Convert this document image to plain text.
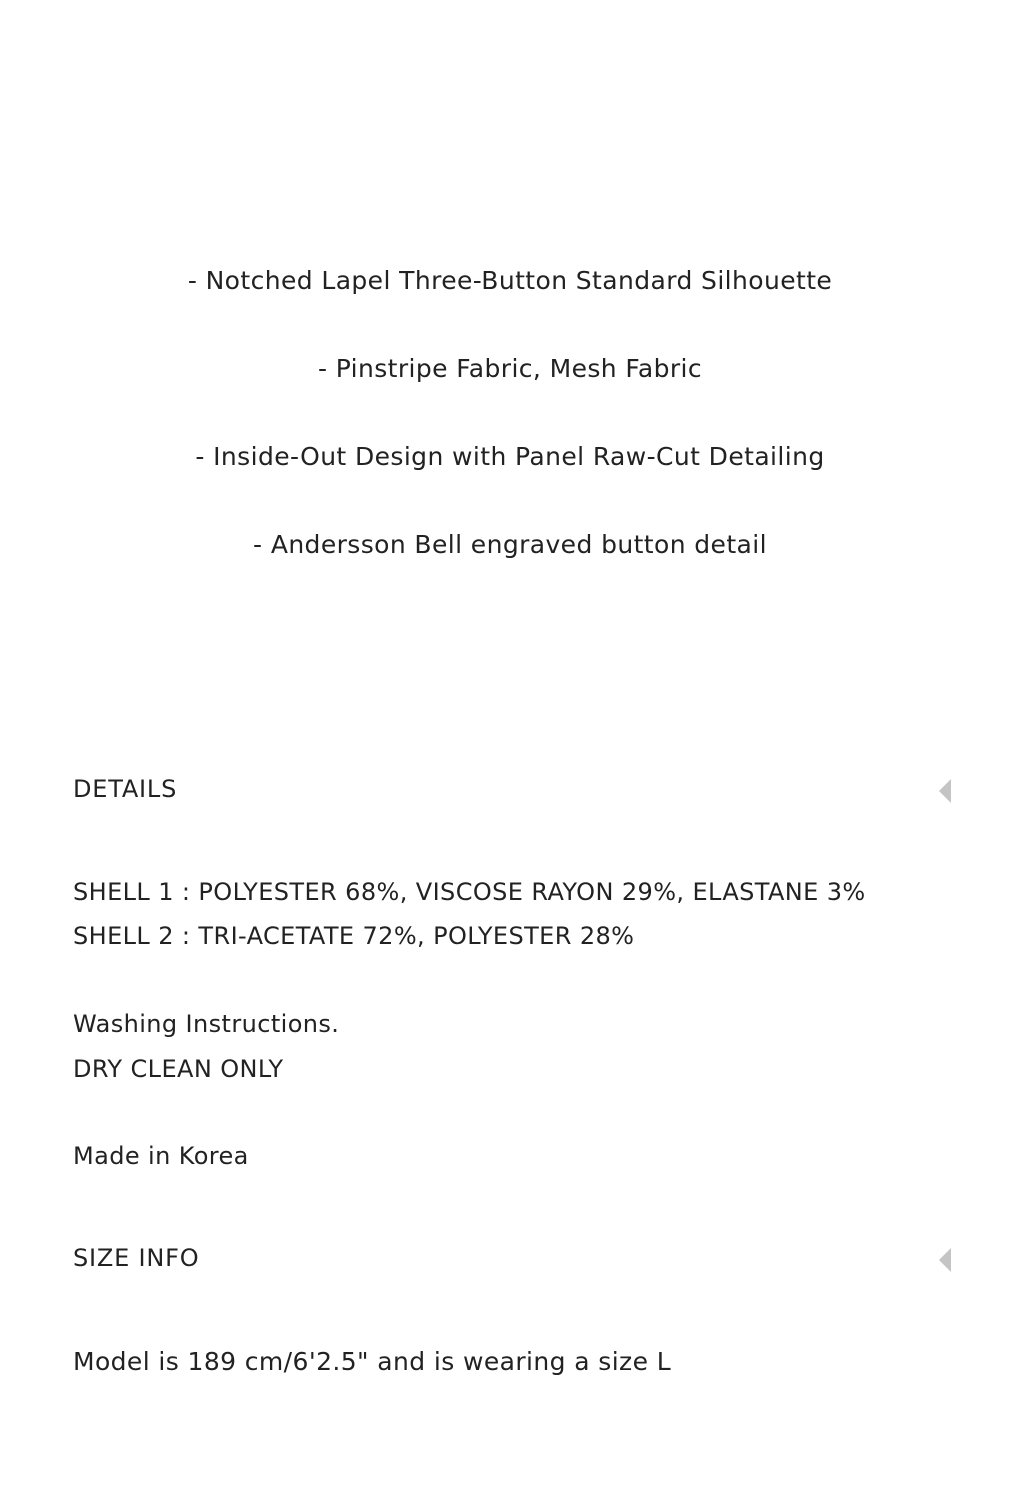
- Notched Lapel Three-Button Standard Silhouette
- Pinstripe Fabric, Mesh Fabric
- Inside-Out Design with Panel Raw-Cut Detailing
- Andersson Bell engraved button detail
DETAILS
SHELL 1 : POLYESTER 68%, VISCOSE RAYON 29%, ELASTANE 3%
SHELL 2 : TRI-ACETATE 72%, POLYESTER 28%
Washing Instructions.
DRY CLEAN ONLY
Made in Korea
SIZE INFO
Model is 189 cm/6'2.5" and is wearing a size L
